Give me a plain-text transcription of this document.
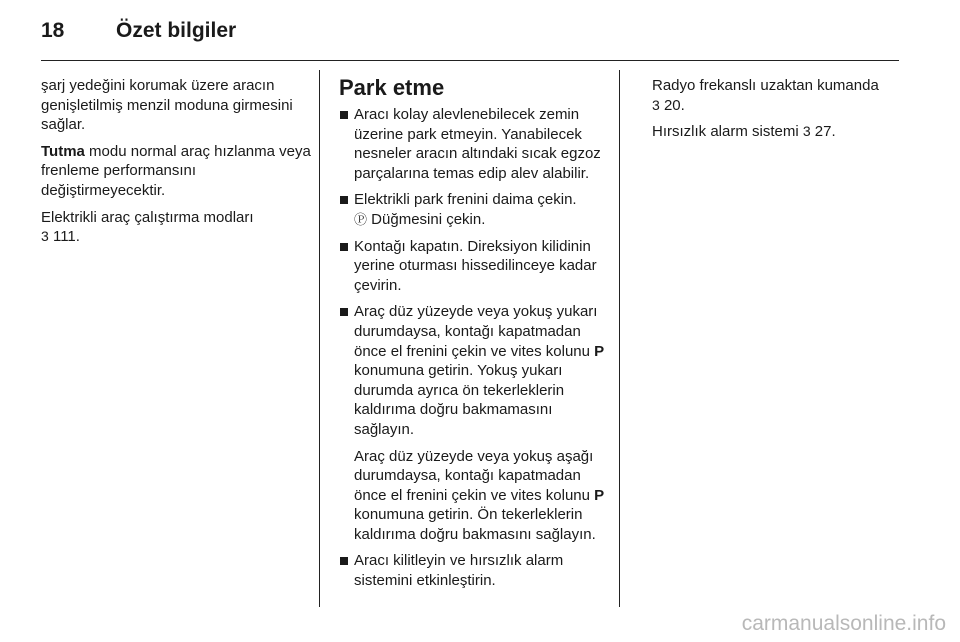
18 Özet bilgiler

şarj yedeğini korumak üzere aracın genişletilmiş menzil moduna girmesini sağlar.

Tutma modu normal araç hızlanma veya frenleme performansını değiştirmeyecektir.

Elektrikli araç çalıştırma modları
3 111.

Park etme
Aracı kolay alevlenebilecek zemin üzerine park etmeyin. Yanabilecek nesneler aracın altındaki sıcak egzoz parçalarına temas edip alev alabilir.
Elektrikli park frenini daima çekin.
Ⓟ Düğmesini çekin.
Kontağı kapatın. Direksiyon kilidinin yerine oturması hissedilinceye kadar çevirin.
Araç düz yüzeyde veya yokuş yukarı durumdaysa, kontağı kapatmadan önce el frenini çekin ve vites kolunu P konumuna getirin. Yokuş yukarı durumda ayrıca ön tekerleklerin kaldırıma doğru bakmamasını sağlayın.
Araç düz yüzeyde veya yokuş aşağı durumdaysa, kontağı kapatmadan önce el frenini çekin ve vites kolunu P konumuna getirin. Ön tekerleklerin kaldırıma doğru bakmasını sağlayın.
Aracı kilitleyin ve hırsızlık alarm sistemini etkinleştirin.

Radyo frekanslı uzaktan kumanda
3 20.

Hırsızlık alarm sistemi 3 27.

carmanualsonline.info
